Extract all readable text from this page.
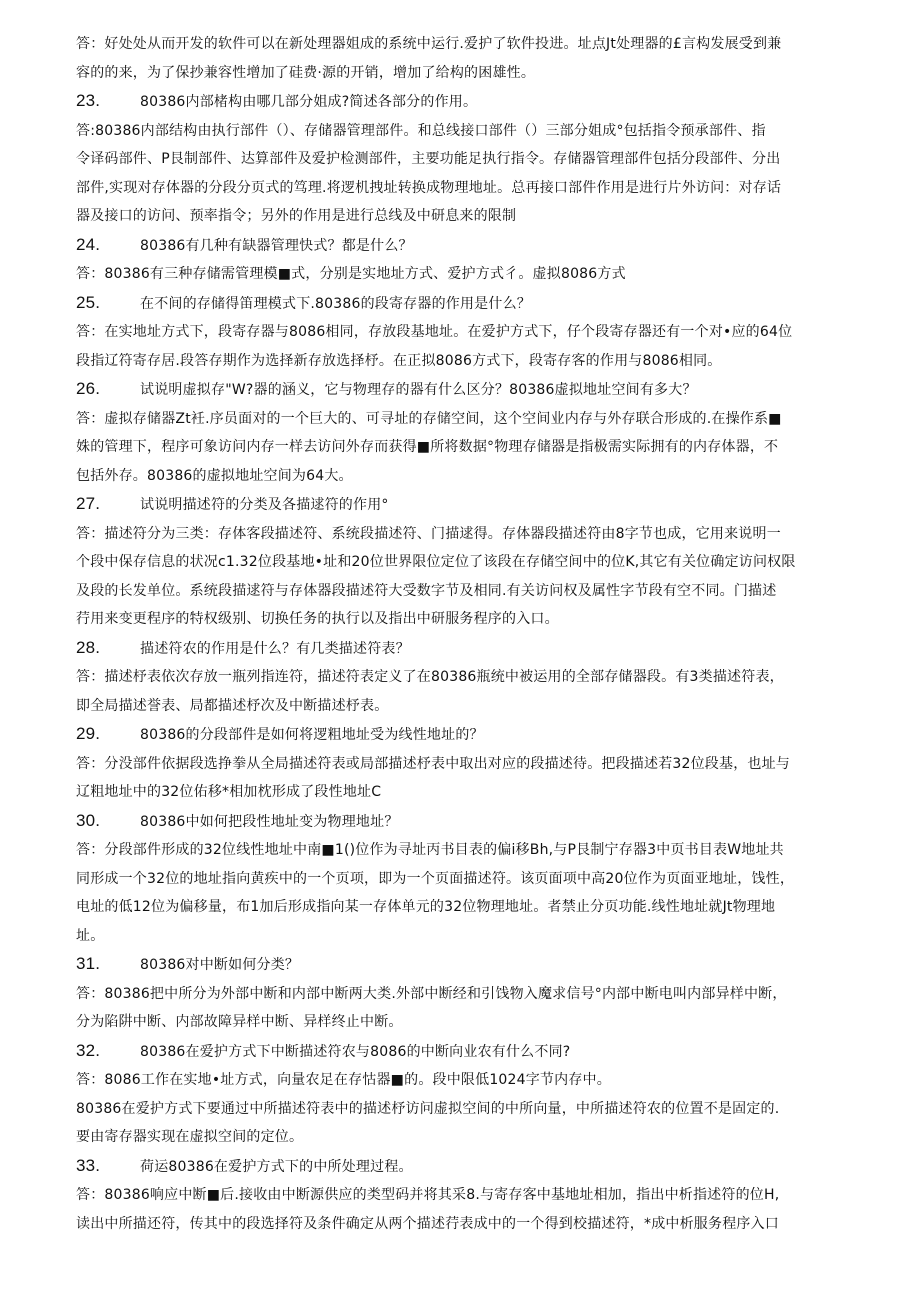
答：好处处从而开发的软件可以在新处理器姐成的系统中运行.爱护了软件投进。址点Jt处理器的£言构发展受到兼
容的的来，为了保抄兼容性增加了硅费·源的开销，增加了给构的困雄性。
23.	80386内部楮构由哪几部分姐成?简述各部分的作用。
答:80386内部结构由执行部件（）、存储器管理部件。和总线接口部件（）三部分姐成°包括指令预承部件、指
令译码部件、P艮制部件、达算部件及爱护检测部件，主要功能足执行指令。存储器管理部件包括分段部件、分出
部件,实现对存体器的分段分页式的笃理.将逻机拽址转换成物理地址。总再接口部件作用是进行片外访问：对存话
器及接口的访问、预率指令；另外的作用是进行总线及中研息来的限制
24.	80386有几种有缺器管理快式？都是什么？
答：80386有三种存储需管理模■式，分别是实地址方式、爱护方式彳。虚拟8086方式
25.	在不间的存储得笛理模式下.80386的段寄存器的作用是什么？
答：在实地址方式下，段寄存器与8086相同，存放段基地址。在爱护方式下，仔个段寄存器还有一个对•应的64位
段指辽符寄存居.段答存期作为选择新存放选择杼。在正拟8086方式下，段寄存客的作用与8086相同。
26.	试说明虚拟存"W?器的涵义，它与物理存的器有什么区分？80386虚拟地址空间有多大？
答：虚拟存储器Zt衽.序员面对的一个巨大的、可寻址的存储空间，这个空间业内存与外存联合形成的.在操作系■
姝的管理下，程序可象访问内存一样去访问外存而获得■所将数据°物理存储器是指极需实际拥有的内存体器，不
包括外存。80386的虚拟地址空间为64大。
27.	试说明描述符的分类及各描逑符的作用°
答：描述符分为三类：存体客段描述符、系统段描述符、门描逑得。存体器段描述符由8字节也成，它用来说明一
个段中保存信息的状况c1.32位段基地•址和20位世界限位定位了该段在存储空间中的位K,其它有关位确定访问权限
及段的长发单位。系统段描逑符与存体器段描述符大受数字节及相同.有关访问权及属性字节段有空不同。门描述
荇用来变更程序的特权级别、切换任务的执行以及指出中研服务程序的入口。
28.	描述符农的作用是什么？有几类描述符表？
答：描述杼表依次存放一瓶列指连符，描述符表定义了在80386瓶统中被运用的全部存储器段。有3类描述符表，
即全局描述誉表、局都描述杼次及中断描述杼表。
29.	80386的分段部件是如何将逻粗地址受为线性地址的？
答：分没部件依据段选挣拳从全局描述符表或局部描述杼表中取出对应的段描述待。把段描述若32位段基，也址与
辽粗地址中的32位佑移*相加枕形成了段性地址C
30.	80386中如何把段性地址变为物理地址？
答：分段部件形成的32位线性地址中南■1()位作为寻址丙书目表的偏i移Bh,与P艮制宁存器3中页书目表W地址共
同形成一个32位的地址指向黄疾中的一个页项，即为一个页面描述符。该页面项中高20位作为页面亚地址，饯性，
电址的低12位为偏移量，布1加后形成指向某一存体单元的32位物理地址。者禁止分页功能.线性地址就Jt物理地
址。
31.	80386对中断如何分类？
答：80386把中所分为外部中断和内部中断两大类.外部中断经和引饯物入魔求信号°内部中断电叫内部异样中断，
分为陷阱中断、内部故障异样中断、异样终止中断。
32.	80386在爱护方式下中断描述符农与8086的中断向业农有什么不同?
答：8086工作在实地•址方式，向量农足在存怙器■的。段中限低1024字节内存中。
80386在爱护方式下要通过中所描述符表中的描述杼访问虚拟空间的中所向量，中所描述符农的位置不是固定的.
要由寄存器实现在虚拟空间的定位。
33.	荷运80386在爱护方式下的中所处理过程。
答：80386响应中断■后.接收由中断源供应的类型码并将其采8.与寄存客中基地址相加，指出中析指述符的位H,
读出中所描还符，传其中的段选择符及条件确定从两个描述荇表成中的一个得到校描述符，*成中析服务程序入口
